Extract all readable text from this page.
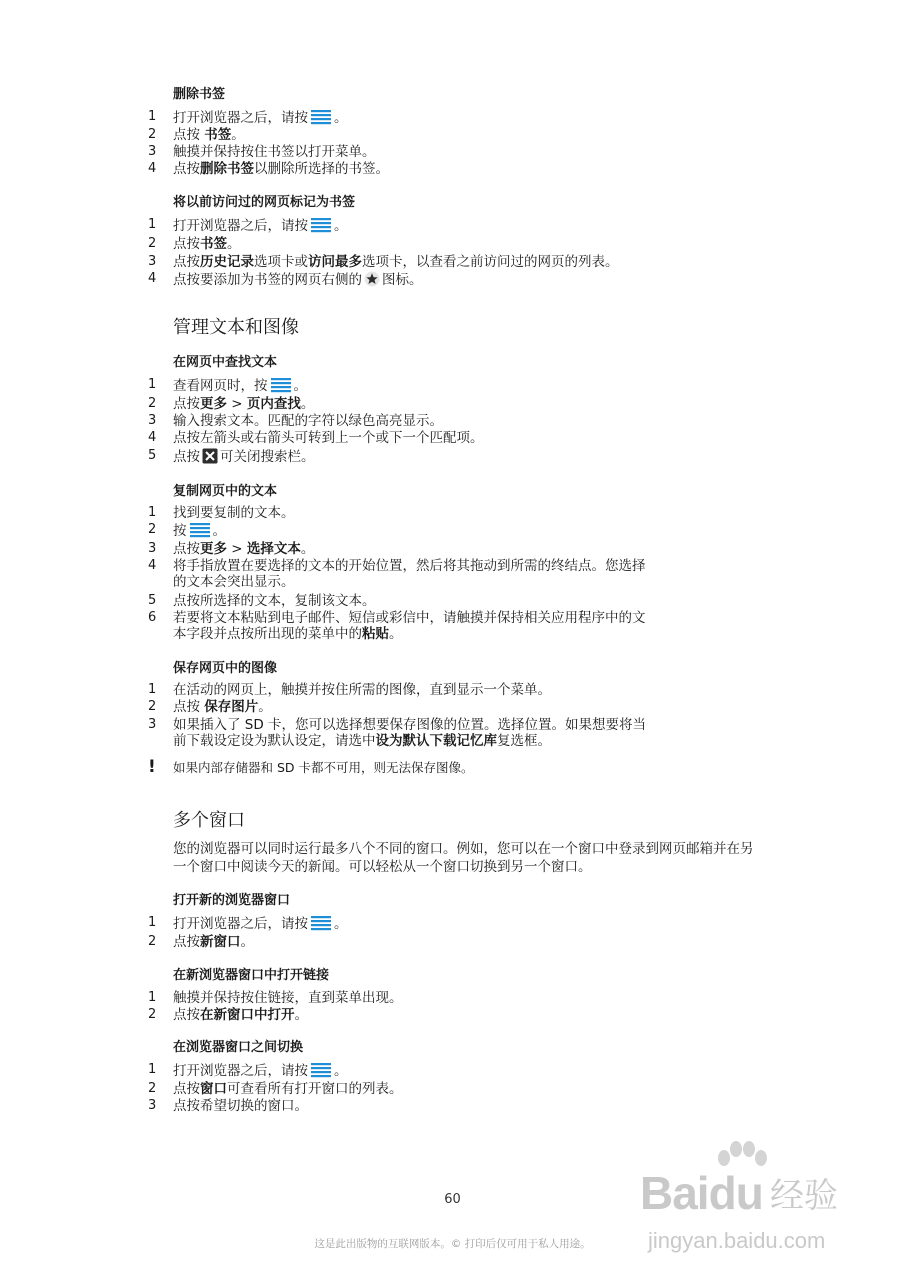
删除书签
1	打开浏览器之后，请按 。
2	点按 书签。
3	触摸并保持按住书签以打开菜单。
4	点按删除书签以删除所选择的书签。
将以前访问过的网页标记为书签
1	打开浏览器之后，请按 。
2	点按书签。
3	点按历史记录选项卡或访问最多选项卡，以查看之前访问过的网页的列表。
4	点按要添加为书签的网页右侧的 图标。
管理文本和图像
在网页中查找文本
1	查看网页时，按 。
2	点按更多 > 页内查找。
3	输入搜索文本。匹配的字符以绿色高亮显示。
4	点按左箭头或右箭头可转到上一个或下一个匹配项。
5	点按 可关闭搜索栏。
复制网页中的文本
1	找到要复制的文本。
2	按 。
3	点按更多 > 选择文本。
4	将手指放置在要选择的文本的开始位置，然后将其拖动到所需的终结点。您选择
的文本会突出显示。
5	点按所选择的文本，复制该文本。
6	若要将文本粘贴到电子邮件、短信或彩信中，请触摸并保持相关应用程序中的文
本字段并点按所出现的菜单中的粘贴。
保存网页中的图像
1	在活动的网页上，触摸并按住所需的图像，直到显示一个菜单。
2	点按 保存图片。
3	如果插入了 SD 卡，您可以选择想要保存图像的位置。选择位置。如果想要将当
前下载设定设为默认设定，请选中设为默认下载记忆库复选框。
! 如果内部存储器和 SD 卡都不可用，则无法保存图像。
多个窗口
您的浏览器可以同时运行最多八个不同的窗口。例如，您可以在一个窗口中登录到网页邮箱并在另一个窗口中阅读今天的新闻。可以轻松从一个窗口切换到另一个窗口。
打开新的浏览器窗口
1	打开浏览器之后，请按 。
2	点按新窗口。
在新浏览器窗口中打开链接
1	触摸并保持按住链接，直到菜单出现。
2	点按在新窗口中打开。
在浏览器窗口之间切换
1	打开浏览器之后，请按 。
2	点按窗口可查看所有打开窗口的列表。
3	点按希望切换的窗口。
Baidu 经验
jingyan.baidu.com
60
这是此出版物的互联网版本。© 打印后仅可用于私人用途。
